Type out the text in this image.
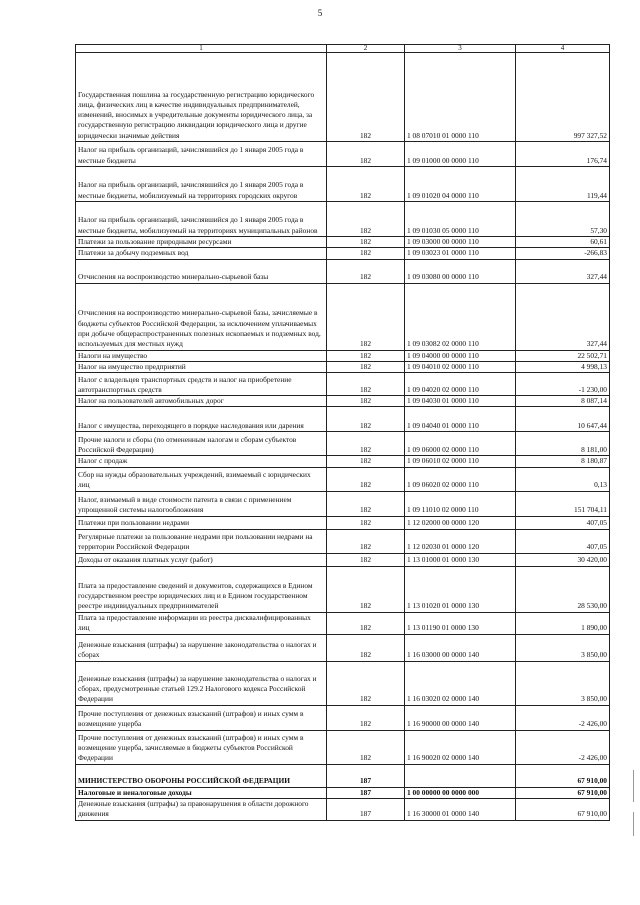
5
1	2	3	4
Государственная пошлина за государственную регистрацию юридического лица, физических лиц в качестве индивидуальных предпринимателей, изменений, вносимых в учредительные документы юридического лица, за государственную регистрацию ликвидации юридического лица и другие юридически значимые действия	182	1 08 07010 01 0000 110	997 327,52
Налог на прибыль организаций, зачислявшийся до 1 января 2005 года в местные бюджеты	182	1 09 01000 00 0000 110	176,74
Налог на прибыль организаций, зачислявшийся до 1 января 2005 года в местные бюджеты, мобилизуемый на территориях городских округов	182	1 09 01020 04 0000 110	119,44
Налог на прибыль организаций, зачислявшийся до 1 января 2005 года в местные бюджеты, мобилизуемый на территориях муниципальных районов	182	1 09 01030 05 0000 110	57,30
Платежи за пользование природными ресурсами	182	1 09 03000 00 0000 110	60,61
Платежи за добычу подземных вод	182	1 09 03023 01 0000 110	-266,83
Отчисления на воспроизводство минерально-сырьевой базы	182	1 09 03080 00 0000 110	327,44
Отчисления на воспроизводство минерально-сырьевой базы, зачисляемые в бюджеты субъектов Российской Федерации, за исключением уплачиваемых при добыче общераспространенных полезных ископаемых и подземных вод, используемых для местных нужд	182	1 09 03082 02 0000 110	327,44
Налоги на имущество	182	1 09 04000 00 0000 110	22 502,71
Налог на имущество предприятий	182	1 09 04010 02 0000 110	4 998,13
Налог с владельцев транспортных средств и налог на приобретение автотранспортных средств	182	1 09 04020 02 0000 110	-1 230,00
Налог на пользователей автомобильных дорог	182	1 09 04030 01 0000 110	8 087,14
Налог с имущества, переходящего в порядке наследования или дарения	182	1 09 04040 01 0000 110	10 647,44
Прочие налоги и сборы (по отмененным налогам и сборам субъектов Российской Федерации)	182	1 09 06000 02 0000 110	8 181,00
Налог с продаж	182	1 09 06010 02 0000 110	8 180,87
Сбор на нужды образовательных учреждений, взимаемый с юридических лиц	182	1 09 06020 02 0000 110	0,13
Налог, взимаемый в виде стоимости патента в связи с применением упрощенной системы налогообложения	182	1 09 11010 02 0000 110	151 704,11
Платежи при пользовании недрами	182	1 12 02000 00 0000 120	407,05
Регулярные платежи за пользование недрами при пользовании недрами на территории Российской Федерации	182	1 12 02030 01 0000 120	407,05
Доходы от оказания платных услуг (работ)	182	1 13 01000 01 0000 130	30 420,00
Плата за предоставление сведений и документов, содержащихся в Едином государственном реестре юридических лиц и в Едином государственном реестре индивидуальных предпринимателей	182	1 13 01020 01 0000 130	28 530,00
Плата за предоставление информации из реестра дисквалифицированных лиц	182	1 13 01190 01 0000 130	1 890,00
Денежные взыскания (штрафы) за нарушение законодательства о налогах и сборах	182	1 16 03000 00 0000 140	3 850,00
Денежные взыскания (штрафы) за нарушение законодательства о налогах и сборах, предусмотренные статьей 129.2 Налогового кодекса Российской Федерации	182	1 16 03020 02 0000 140	3 850,00
Прочие поступления от денежных взысканий (штрафов) и иных сумм в возмещение ущерба	182	1 16 90000 00 0000 140	-2 426,00
Прочие поступления от денежных взысканий (штрафов) и иных сумм в возмещение ущерба, зачисляемые в бюджеты субъектов Российской Федерации	182	1 16 90020 02 0000 140	-2 426,00
МИНИСТЕРСТВО ОБОРОНЫ РОССИЙСКОЙ ФЕДЕРАЦИИ	187		67 910,00
Налоговые и неналоговые доходы	187	1 00 00000 00 0000 000	67 910,00
Денежные взыскания (штрафы) за правонарушения в области дорожного движения	187	1 16 30000 01 0000 140	67 910,00
